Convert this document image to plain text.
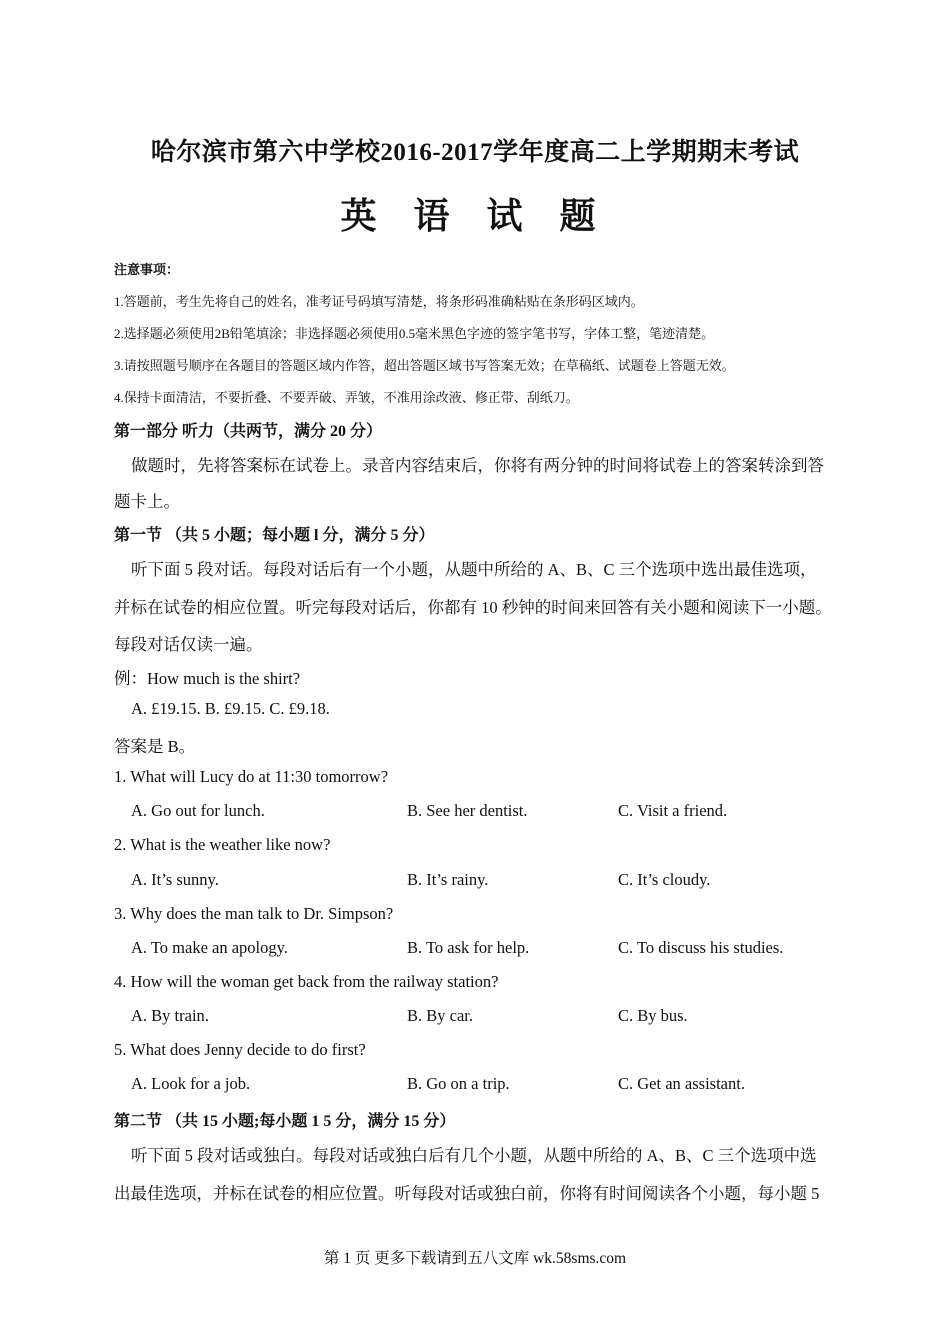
哈尔滨市第六中学校2016-2017学年度高二上学期期末考试
英 语 试 题
注意事项：
1.答题前，考生先将自己的姓名，准考证号码填写清楚，将条形码准确粘贴在条形码区域内。
2.选择题必须使用2B铅笔填涂；非选择题必须使用0.5毫米黑色字迹的签字笔书写，字体工整，笔迹清楚。
3.请按照题号顺序在各题目的答题区域内作答，超出答题区域书写答案无效；在草稿纸、试题卷上答题无效。
4.保持卡面清洁，不要折叠、不要弄破、弄皱，不准用涂改液、修正带、刮纸刀。
第一部分 听力（共两节，满分 20 分）
做题时，先将答案标在试卷上。录音内容结束后，你将有两分钟的时间将试卷上的答案转涂到答
题卡上。
第一节 （共 5 小题；每小题 l 分，满分 5 分）
听下面 5 段对话。每段对话后有一个小题，从题中所给的 A、B、C 三个选项中选出最佳选项，
并标在试卷的相应位置。听完每段对话后，你都有 10 秒钟的时间来回答有关小题和阅读下一小题。
每段对话仅读一遍。
例：How much is the shirt?
A. £19.15. B. £9.15. C. £9.18.
答案是 B。
1. What will Lucy do at 11:30 tomorrow?
A. Go out for lunch.	B. See her dentist.	C. Visit a friend.
2. What is the weather like now?
A. It’s sunny.	B. It’s rainy.	C. It’s cloudy.
3. Why does the man talk to Dr. Simpson?
A. To make an apology.	B. To ask for help.	C. To discuss his studies.
4. How will the woman get back from the railway station?
A. By train.	B. By car.	C. By bus.
5. What does Jenny decide to do first?
A. Look for a job.	B. Go on a trip.	C. Get an assistant.
第二节 （共 15 小题;每小题 1 5 分，满分 15 分）
听下面 5 段对话或独白。每段对话或独白后有几个小题，从题中所给的 A、B、C 三个选项中选
出最佳选项，并标在试卷的相应位置。听每段对话或独白前，你将有时间阅读各个小题，每小题 5
第 1 页 更多下载请到五八文库 wk.58sms.com
